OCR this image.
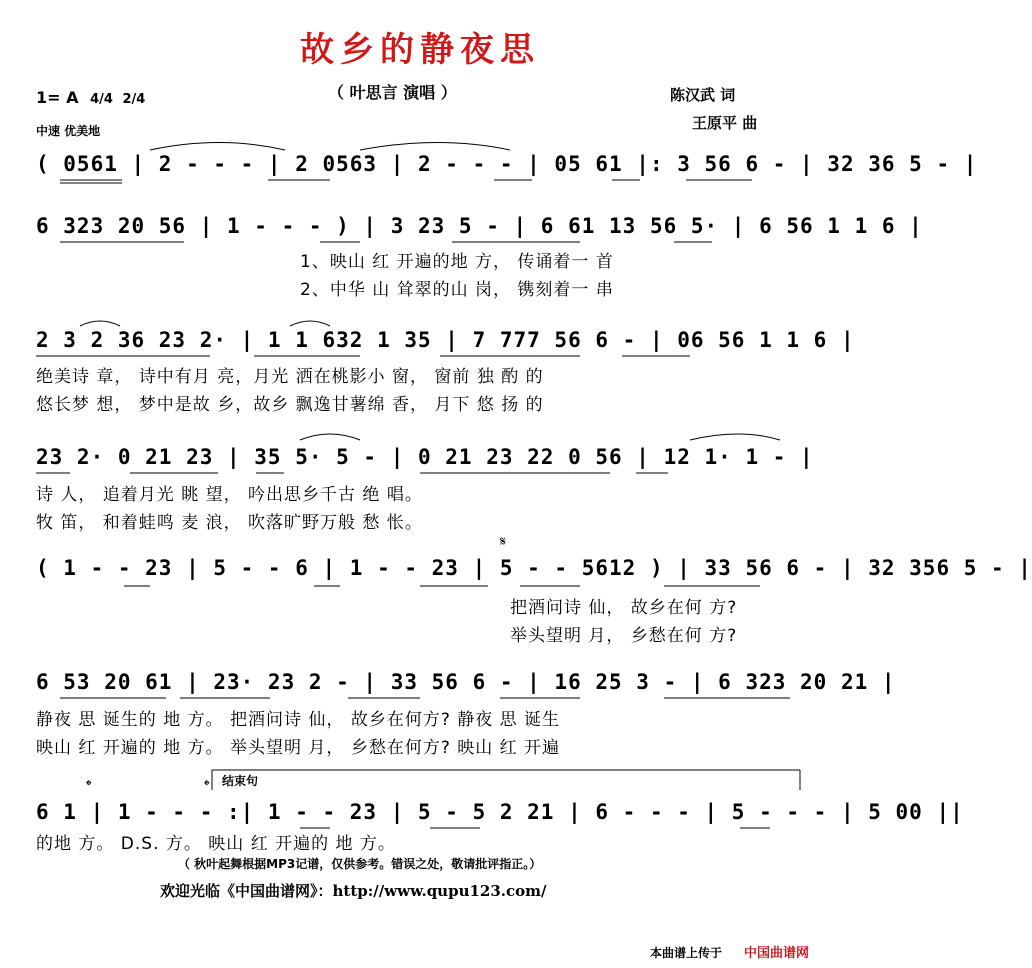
故乡的静夜思
（ 叶思言 演唱 ）
1= A 4/4 2/4
中速 优美地
陈汉武 词
王原平 曲
( 0561 | 2 - - - | 2 0563 | 2 - - - | 05 61 |: 3 56 6 - | 32 36 5 - |
6 323 20 56 | 1 - - - ) | 3 23 5 - | 6 61 13 56 5· | 6 56 1 1 6 |
1、映山 红 开遍的地 方， 传诵着一 首
2、中华 山 耸翠的山 岗， 镌刻着一 串
2 3 2 36 23 2· | 1 1 632 1 35 | 7 777 56 6 - | 06 56 1 1 6 |
绝美诗 章， 诗中有月 亮，月光 洒在桃影小 窗， 窗前 独 酌 的
悠长梦 想， 梦中是故 乡，故乡 飘逸甘薯绵 香， 月下 悠 扬 的
23 2· 0 21 23 | 35 5· 5 - | 0 21 23 22 0 56 | 12 1· 1 - |
诗 人， 追着月光 眺 望， 吟出思乡千古 绝 唱。
牧 笛， 和着蛙鸣 麦 浪， 吹落旷野万般 愁 怅。
𝄋
( 1 - - 23 | 5 - - 6 | 1 - - 23 | 5 - - 5612 ) | 33 56 6 - | 32 356 5 - |
把酒问诗 仙， 故乡在何 方?
举头望明 月， 乡愁在何 方?
6 53 20 61 | 23· 23 2 - | 33 56 6 - | 16 25 3 - | 6 323 20 21 |
静夜 思 诞生的 地 方。 把酒问诗 仙， 故乡在何方? 静夜 思 诞生
映山 红 开遍的 地 方。 举头望明 月， 乡愁在何方? 映山 红 开遍
𝄌	𝄌 结束句
6 1 | 1 - - - :| 1 - - 23 | 5 - 5 2 21 | 6 - - - | 5 - - - | 5 00 ||
的地 方。 D.S. 方。 映山 红 开遍的 地 方。
（ 秋叶起舞根据MP3记谱，仅供参考。错误之处，敬请批评指正。）
欢迎光临《中国曲谱网》：http://www.qupu123.com/
本曲谱上传于 中国曲谱网
